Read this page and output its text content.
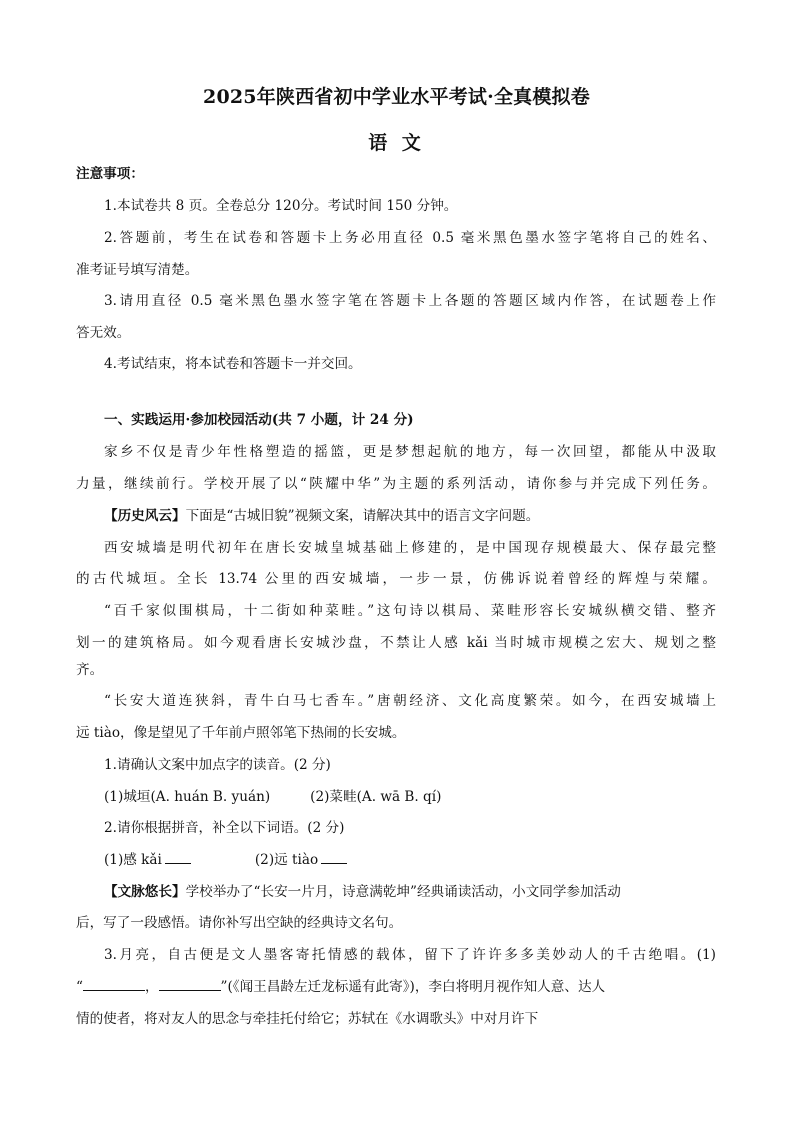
2025年陕西省初中学业水平考试·全真模拟卷
语 文
注意事项：
1.本试卷共 8 页。全卷总分 120分。考试时间 150 分钟。
2.答题前，考生在试卷和答题卡上务必用直径 0.5 毫米黑色墨水签字笔将自己的姓名、
准考证号填写清楚。
3.请用直径 0.5 毫米黑色墨水签字笔在答题卡上各题的答题区域内作答，在试题卷上作
答无效。
4.考试结束，将本试卷和答题卡一并交回。
一、实践运用·参加校园活动(共 7 小题，计 24 分)
家乡不仅是青少年性格塑造的摇篮，更是梦想起航的地方，每一次回望，都能从中汲取
力量，继续前行。学校开展了以“陕耀中华”为主题的系列活动，请你参与并完成下列任务。
【历史风云】下面是“古城旧貌”视频文案，请解决其中的语言文字问题。
西安城墙是明代初年在唐长安城皇城基础上修建的，是中国现存规模最大、保存最完整
的古代城垣。全长 13.74 公里的西安城墙，一步一景，仿佛诉说着曾经的辉煌与荣耀。
“百千家似围棋局，十二街如种菜畦。”这句诗以棋局、菜畦形容长安城纵横交错、整齐
划一的建筑格局。如今观看唐长安城沙盘，不禁让人感 kǎi 当时城市规模之宏大、规划之整
齐。
“长安大道连狭斜，青牛白马七香车。”唐朝经济、文化高度繁荣。如今，在西安城墙上
远 tiào，像是望见了千年前卢照邻笔下热闹的长安城。
1.请确认文案中加点字的读音。(2 分)
(1)城垣(A. huán B. yuán)	(2)菜畦(A. wā B. qí)
2.请你根据拼音，补全以下词语。(2 分)
(1)感 kǎi	(2)远 tiào
【文脉悠长】学校举办了“长安一片月，诗意满乾坤”经典诵读活动，小文同学参加活动
后，写了一段感悟。请你补写出空缺的经典诗文名句。
3.月亮，自古便是文人墨客寄托情感的载体，留下了许许多多美妙动人的千古绝唱。(1)
“	，	”(《闻王昌龄左迁龙标遥有此寄》)，李白将明月视作知人意、达人
情的使者，将对友人的思念与牵挂托付给它；苏轼在《水调歌头》中对月许下
